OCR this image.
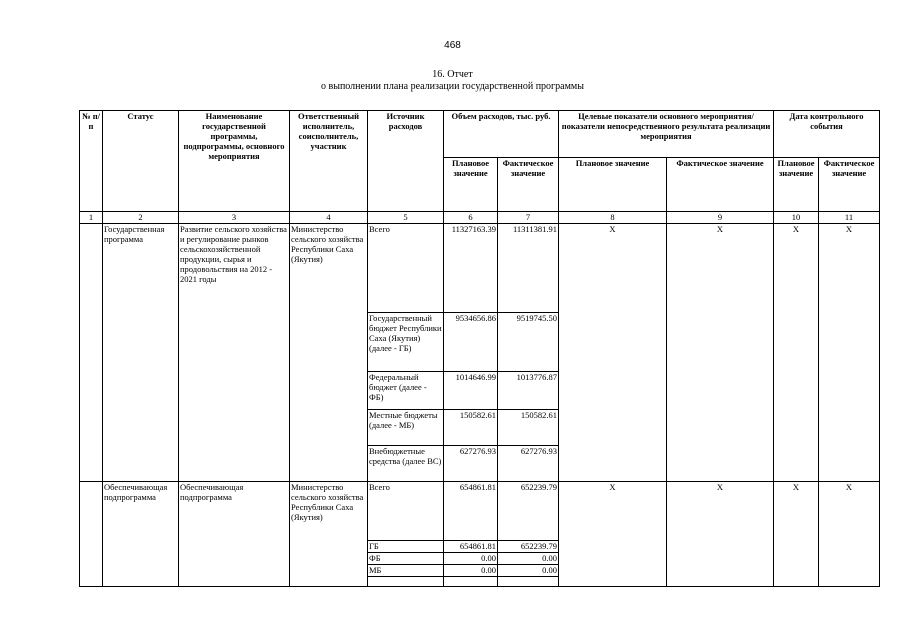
468
16. Отчет
о выполнении плана реализации государственной программы
№ п/п	Статус	Наименование государственной программы, подпрограммы, основного мероприятия	Ответственный исполнитель, соисполнитель, участник	Источник расходов	Объем расходов, тыс. руб.		Целевые показатели основного мероприятия/показатели непосредственного результата реализации мероприятия		Дата контрольного события	
					Плановое значение	Фактическое значение	Плановое значение	Фактическое значение	Плановое значение	Фактическое значение
1	2	3	4	5	6	7	8	9	10	11
	Государственная программа	Развитие сельского хозяйства и регулирование рынков сельскохозяйственной продукции, сырья и продовольствия на 2012 - 2021 годы	Министерство сельского хозяйства Республики Саха (Якутия)	Всего	11327163.39	11311381.91	X	X	X	X
				Государственный бюджет Республики Саха (Якутия) (далее - ГБ)	9534656.86	9519745.50				
				Федеральный бюджет (далее - ФБ)	1014646.99	1013776.87				
				Местные бюджеты (далее - МБ)	150582.61	150582.61				
				Внебюджетные средства (далее ВС)	627276.93	627276.93				
	Обеспечивающая подпрограмма	Обеспечивающая подпрограмма	Министерство сельского хозяйства Республики Саха (Якутия)	Всего	654861.81	652239.79	X	X	X	X
				ГБ	654861.81	652239.79				
				ФБ	0.00	0.00				
				МБ	0.00	0.00				
